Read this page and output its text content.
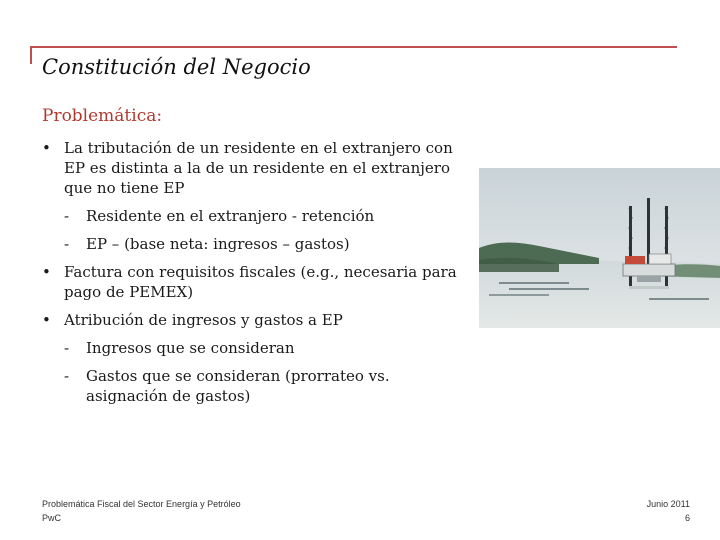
Constitución del Negocio
Problemática:
• La tributación de un residente en el extranjero con EP es distinta a la de un residente en el extranjero que no tiene EP
- Residente en el extranjero - retención
- EP – (base neta: ingresos – gastos)
• Factura con requisitos fiscales (e.g., necesaria para pago de PEMEX)
• Atribución de ingresos y gastos a EP
- Ingresos que se consideran
- Gastos que se consideran (prorrateo vs. asignación de gastos)
Problemática Fiscal del Sector Energía y Petróleo
PwC
Junio 2011
6
